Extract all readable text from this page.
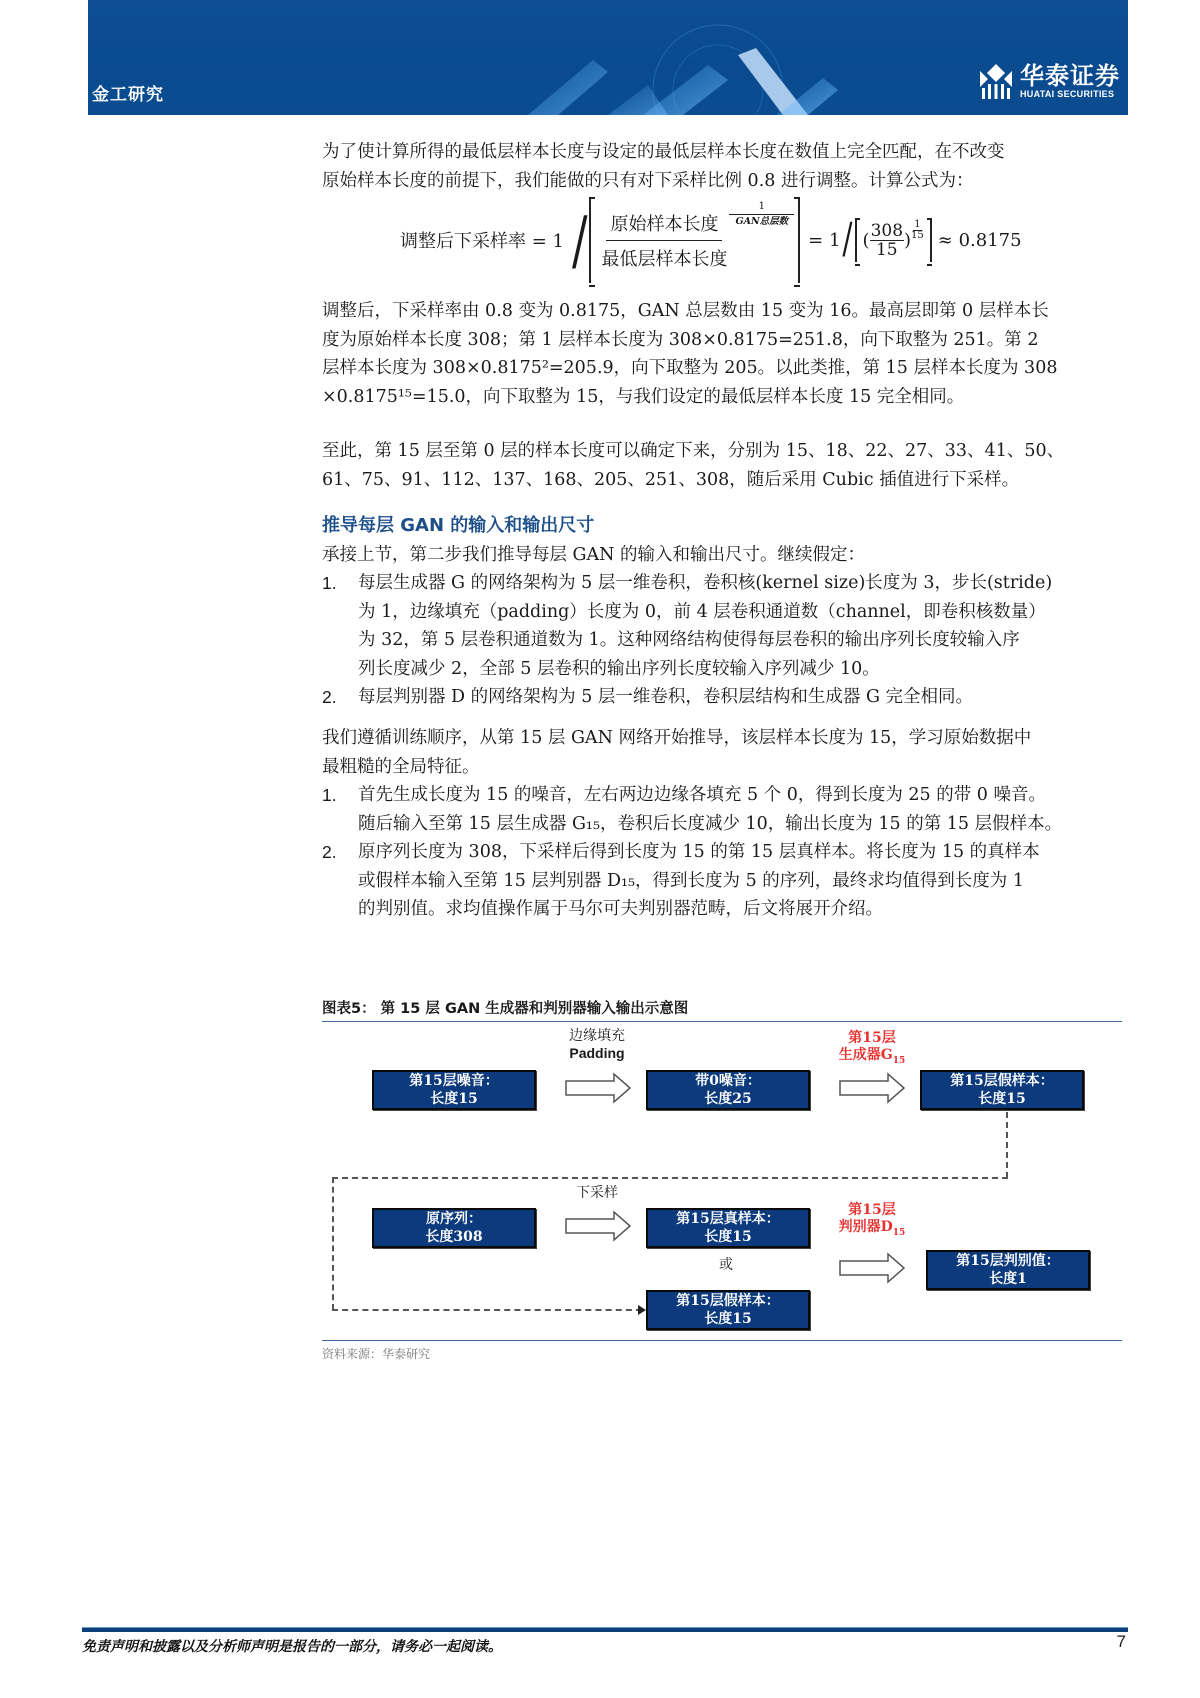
金工研究
华泰证券
HUATAI SECURITIES

为了使计算所得的最低层样本长度与设定的最低层样本长度在数值上完全匹配，在不改变

原始样本长度的前提下，我们能做的只有对下采样比例 0.8 进行调整。计算公式为：

调整后下采样率 = $1 / \frac{\text{原始样本长度}}{\text{最低层样本长度}} \frac{1}{\text{GAN总层数}}$
= 1 / ( $\frac{308}{15}$ ) $\frac{1}{15} \approx 0.8175$

调整后，下采样率由 0.8 变为 0.8175，GAN 总层数由 15 变为 16。最高层即第 0 层样本长

度为原始样本长度 308；第 1 层样本长度为 308×0.8175=251.8，向下取整为 251。第 2

层样本长度为 308×0.8175²=205.9，向下取整为 205。以此类推，第 15 层样本长度为 308

×0.8175¹⁵=15.0，向下取整为 15，与我们设定的最低层样本长度 15 完全相同。

至此，第 15 层至第 0 层的样本长度可以确定下来，分别为 15、18、22、27、33、41、50、

61、75、91、112、137、168、205、251、308，随后采用 Cubic 插值进行下采样。

推导每层 GAN 的输入和输出尺寸

承接上节，第二步我们推导每层 GAN 的输入和输出尺寸。继续假定：

1. 每层生成器 G 的网络架构为 5 层一维卷积，卷积核(kernel size)长度为 3，步长(stride)
为 1，边缘填充（padding）长度为 0，前 4 层卷积通道数（channel，即卷积核数量）
为 32，第 5 层卷积通道数为 1。这种网络结构使得每层卷积的输出序列长度较输入序
列长度减少 2，全部 5 层卷积的输出序列长度较输入序列减少 10。
2. 每层判别器 D 的网络架构为 5 层一维卷积，卷积层结构和生成器 G 完全相同。

我们遵循训练顺序，从第 15 层 GAN 网络开始推导，该层样本长度为 15，学习原始数据中

最粗糙的全局特征。

1. 首先生成长度为 15 的噪音，左右两边边缘各填充 5 个 0，得到长度为 25 的带 0 噪音。
随后输入至第 15 层生成器 G₁₅，卷积后长度减少 10，输出长度为 15 的第 15 层假样本。
2. 原序列长度为 308，下采样后得到长度为 15 的第 15 层真样本。将长度为 15 的真样本
或假样本输入至第 15 层判别器 D₁₅，得到长度为 5 的序列，最终求均值得到长度为 1
的判别值。求均值操作属于马尔可夫判别器范畴，后文将展开介绍。
图表5： 第 15 层 GAN 生成器和判别器输入输出示意图
第15层噪音：
长度15
边缘填充
Padding
带0噪音：
长度25
第15层
生成器$G_{15}$
第15层假样本：
长度15
原序列：
长度308
下采样
第15层真样本：
长度15
或
第15层假样本：
长度15
第15层
判别器$D_{15}$
第15层判别值：
长度1
资料来源：华泰研究
免责声明和披露以及分析师声明是报告的一部分，请务必一起阅读。	7
